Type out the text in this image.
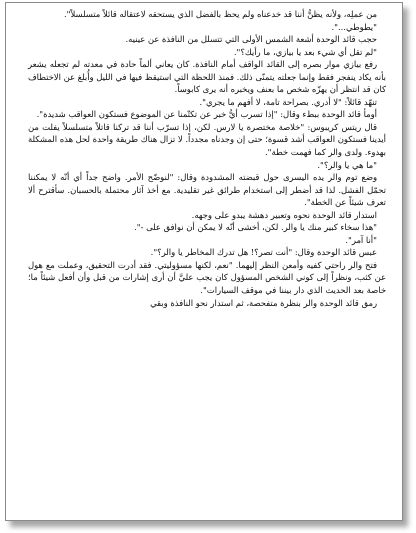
من عملِه، ولأنه يظنُّ أننا قد خدعناه ولم يحظ بالفضل الذي يستحقه لاعتقاله قائلاً متسلسلاً".

"يطوطي...".

حجب قائد الوحدة أشعة الشمس الأولى التي تتسلل من النافذة عن عينيه.

"لم تقل أي شيء بعد يا بيازي، ما رأيك؟".

رفع بيازي موار بصره إلى القائد الواقف أمام النافذة. كان يعاني ألماً حادة في معدته لم تجعله يشعر بأنه يكاد ينفجر فقط وإنما جعلته يتمنّى ذلك. فمنذ اللحظة التي استيقظ فيها في الليل وأُبلغ عن الاختطاف كان قد انتظر أن يهزّه شخص ما بعنف ويخبره أنه يرى كابوساً.

تنهّد قائلاً: "لا أدري. بصراحة تامة، لا أفهم ما يجري".

أومأ قائد الوحدة ببطء وقال: "إذا تسرب أيُّ خبر عن تكتّمنا عن الموضوع فستكون العواقب شديدة".

قال ريتس كريبوس: "خلاصة مختصرة يا لارس. لكن، إذا تسرّب أننا قد تركنا قاتلاً متسلسلاً يفلت من أيدينا فستكون العواقب أشد قسوة؛ حتى إن وجدناه مجدداً. لا تزال هناك طريقة واحدة لحل هذه المشكلة بهدوء. ولدى والر كما فهمت خطة".

"ما هي يا والر؟".

وضع توم والر يده اليسرى حول قبضته المشدودة وقال: "لنوضّح الأمر. واضح جداً أي أنّه لا يمكننا تحمّل الفشل. لذا قد أضطر إلى استخدام طرائق غير تقليدية. مع أخذ آثار محتملة بالحسبان. سأقترح ألا تعرف شيئاً عن الخطة".

استدار قائد الوحدة نحوه وتعبير دهشة يبدو على وجهه.

"هذا سخاء كبير منك يا والر. لكن، أخشى أنّه لا يمكن أن نوافق على -".

"أنا آمر".

عبس قائد الوحدة وقال: "أنت تصر؟! هل تدرك المخاطر يا والر؟".

فتح والر راحتي كفيه وأمعن النظر إليهما. "نعم، لكنها مسؤوليتي. فقد أدرت التحقيق، وعملت مع هول عن كثب، ونظراً إلى كوني الشخص المسؤول كان يجب عليَّ أن أرى إشارات من قبل وأن أفعل شيئاً ما؛ خاصة بعد الحديث الذي دار بيننا في موقف السيارات".

رمق قائد الوحدة والر بنظرة متفحصة، ثم استدار نحو النافذة وبقي
